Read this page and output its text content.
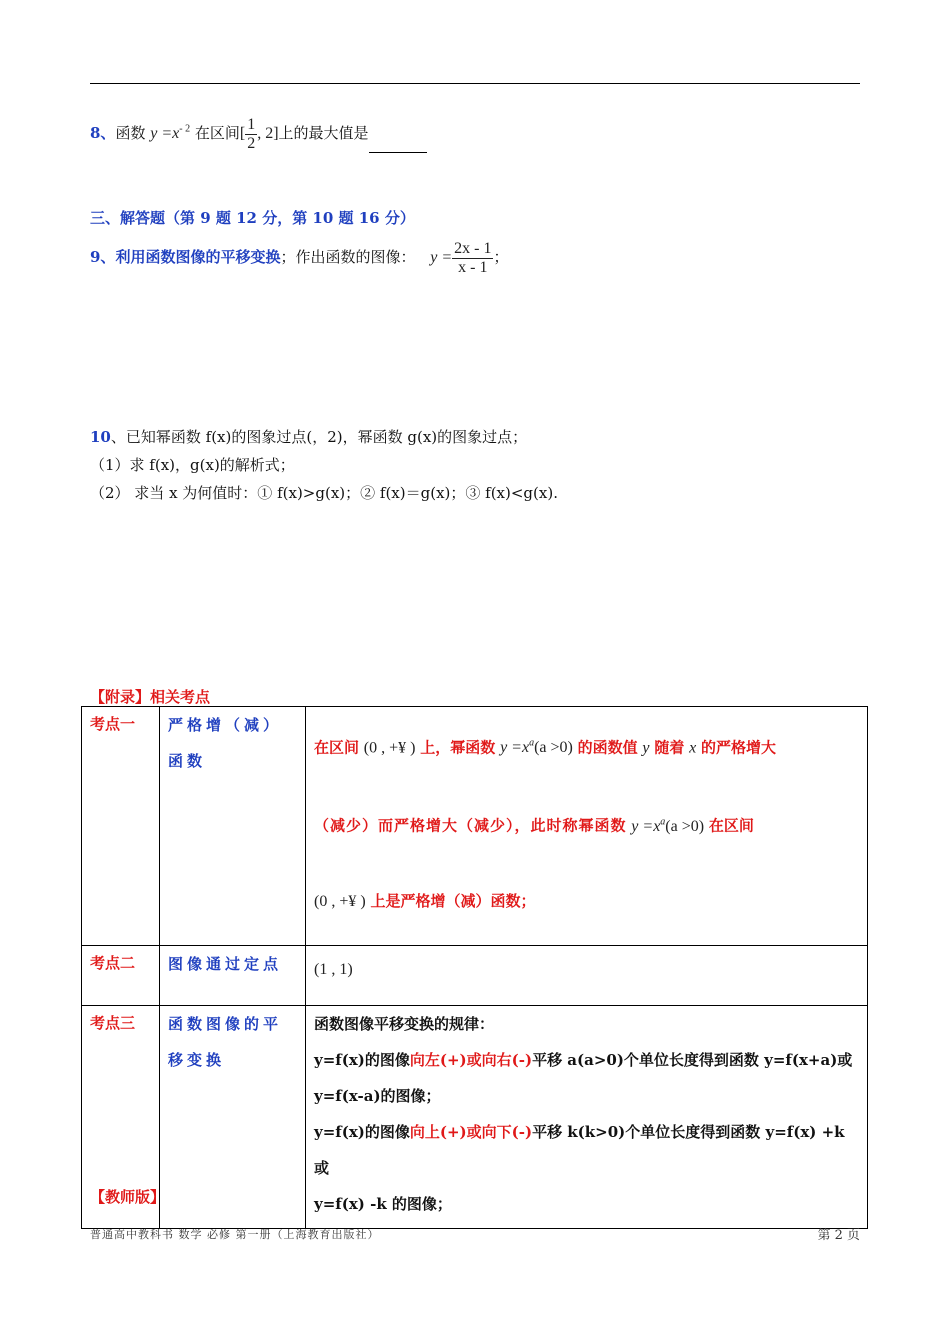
8、函数 $y =x^{- 2}$ 在区间[ $\frac{1}{2}$ , 2]上的最大值是
三、解答题（第 9 题 12 分，第 10 题 16 分）
9、利用函数图像的平移变换；作出函数的图像： $y = \frac{2x - 1}{x - 1}$ ；
10、已知幂函数 f(x)的图象过点(，2)，幂函数 g(x)的图象过点；
（1）求 f(x)，g(x)的解析式；
（2） 求当 x 为何值时：① f(x)>g(x)；② f(x)＝g(x)；③ f(x)<g(x).
【附录】相关考点
考点一	严格增（减）函数	在区间 (0 , +¥ ) 上，幂函数 $y =x^a(a >0)$ 的函数值 y 随着 x 的严格增大
（减少）而严格增大（减少），此时称幂函数 $y =x^a(a >0)$ 在区间
(0 , +¥ ) 上是严格增（减）函数；
考点二	图像通过定点	(1 , 1)
考点三	函数图像的平移变换	函数图像平移变换的规律：
y=f(x)的图像向左(+)或向右(-)平移 a(a>0)个单位长度得到函数 y=f(x+a)或
y=f(x-a)的图像；
y=f(x)的图像向上(+)或向下(-)平移 k(k>0)个单位长度得到函数 y=f(x) +k 或
y=f(x) -k 的图像；
【教师版】
普通高中教科书 数学 必修 第一册（上海教育出版社）	第 2 页
